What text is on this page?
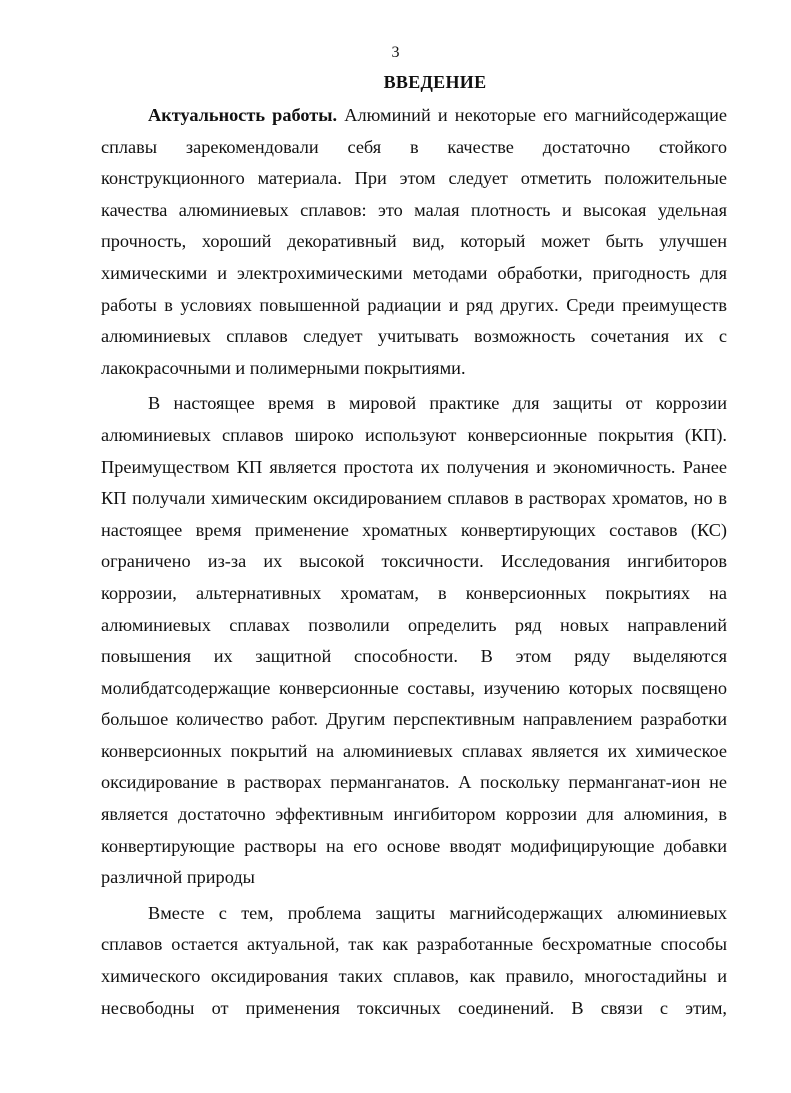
3
ВВЕДЕНИЕ

Актуальность работы. Алюминий и некоторые его магнийсодержащие сплавы зарекомендовали себя в качестве достаточно стойкого конструкционного материала. При этом следует отметить положительные качества алюминиевых сплавов: это малая плотность и высокая удельная прочность, хороший декоративный вид, который может быть улучшен химическими и электрохимическими методами обработки, пригодность для работы в условиях повышенной радиации и ряд других. Среди преимуществ алюминиевых сплавов следует учитывать возможность сочетания их с лакокрасочными и полимерными покрытиями.

В настоящее время в мировой практике для защиты от коррозии алюминиевых сплавов широко используют конверсионные покрытия (КП). Преимуществом КП является простота их получения и экономичность. Ранее КП получали химическим оксидированием сплавов в растворах хроматов, но в настоящее время применение хроматных конвертирующих составов (КС) ограничено из-за их высокой токсичности. Исследования ингибиторов коррозии, альтернативных хроматам, в конверсионных покрытиях на алюминиевых сплавах позволили определить ряд новых направлений повышения их защитной способности. В этом ряду выделяются молибдатсодержащие конверсионные составы, изучению которых посвящено большое количество работ. Другим перспективным направлением разработки конверсионных покрытий на алюминиевых сплавах является их химическое оксидирование в растворах перманганатов. А поскольку перманганат-ион не является достаточно эффективным ингибитором коррозии для алюминия, в конвертирующие растворы на его основе вводят модифицирующие добавки различной природы

Вместе с тем, проблема защиты магнийсодержащих алюминиевых сплавов остается актуальной, так как разработанные бесхроматные способы химического оксидирования таких сплавов, как правило, многостадийны и несвободны от применения токсичных соединений. В связи с этим,
